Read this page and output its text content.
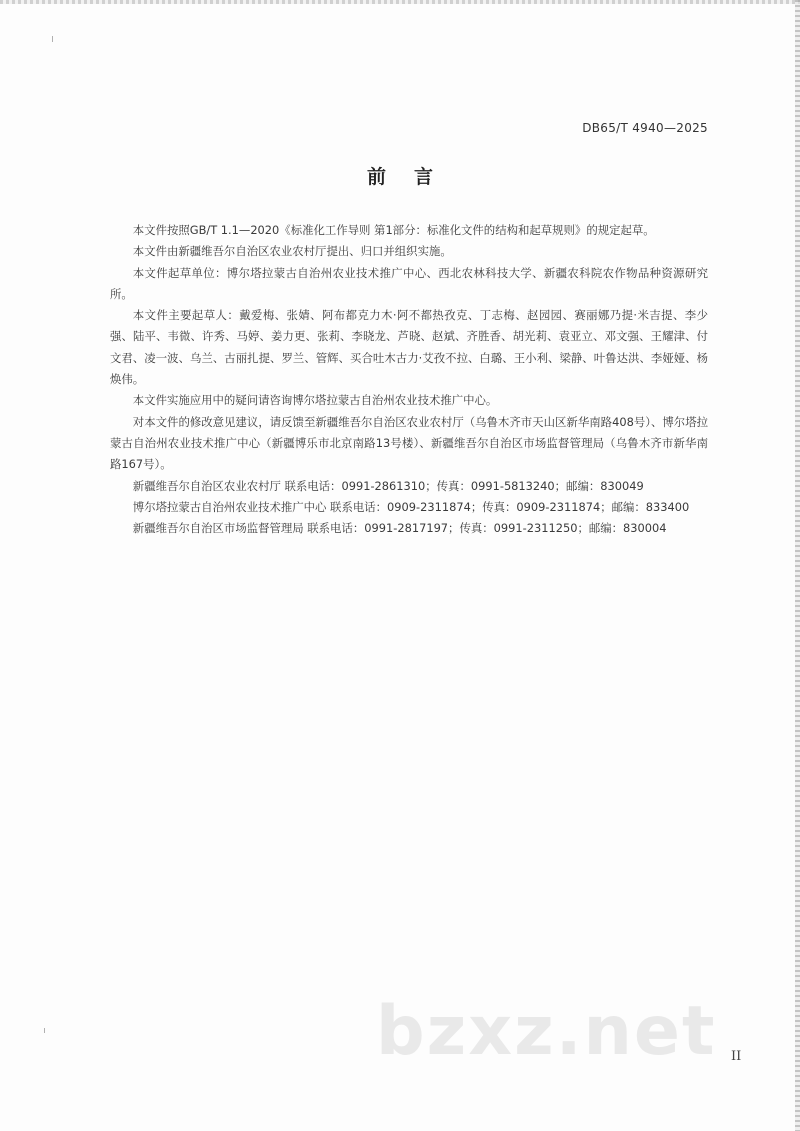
DB65/T 4940—2025
前言

本文件按照GB/T 1.1—2020《标准化工作导则 第1部分：标准化文件的结构和起草规则》的规定起草。

本文件由新疆维吾尔自治区农业农村厅提出、归口并组织实施。

本文件起草单位：博尔塔拉蒙古自治州农业技术推广中心、西北农林科技大学、新疆农科院农作物品种资源研究所。

本文件主要起草人：戴爱梅、张婧、阿布都克力木·阿不都热孜克、丁志梅、赵园园、赛丽娜乃提·米吉提、李少强、陆平、韦微、许秀、马婷、姜力更、张莉、李晓龙、芦晓、赵斌、齐胜香、胡光莉、袁亚立、邓文强、王耀津、付文君、凌一波、乌兰、古丽扎提、罗兰、管辉、买合吐木古力·艾孜不拉、白璐、王小利、梁静、叶鲁达洪、李娅娅、杨焕伟。

本文件实施应用中的疑问请咨询博尔塔拉蒙古自治州农业技术推广中心。

对本文件的修改意见建议，请反馈至新疆维吾尔自治区农业农村厅（乌鲁木齐市天山区新华南路408号）、博尔塔拉蒙古自治州农业技术推广中心（新疆博乐市北京南路13号楼）、新疆维吾尔自治区市场监督管理局（乌鲁木齐市新华南路167号）。

新疆维吾尔自治区农业农村厅 联系电话：0991-2861310；传真：0991-5813240；邮编：830049

博尔塔拉蒙古自治州农业技术推广中心 联系电话：0909-2311874；传真：0909-2311874；邮编：833400

新疆维吾尔自治区市场监督管理局 联系电话：0991-2817197；传真：0991-2311250；邮编：830004

bzxz.net II
